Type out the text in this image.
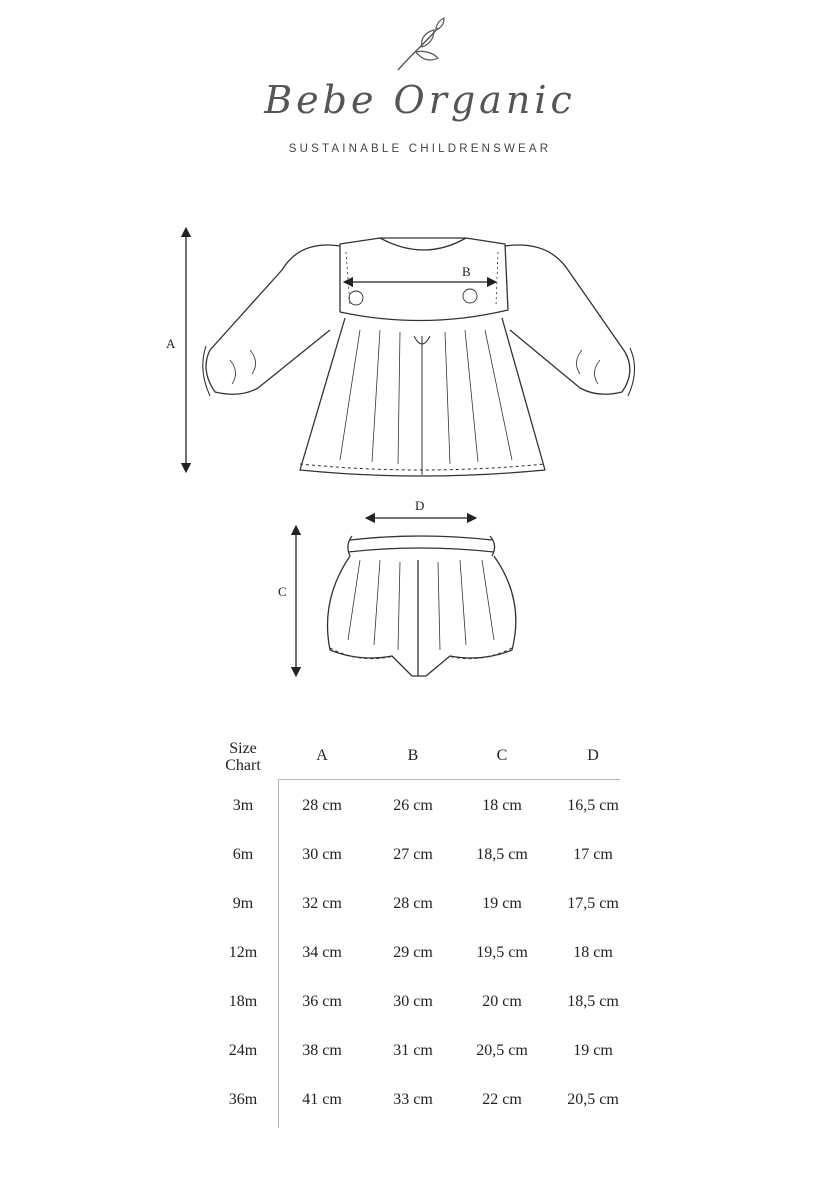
Bebe Organic
SUSTAINABLE CHILDRENSWEAR
A
B
D
C
Size
Chart
A	B	C	D
3m	28 cm	26 cm	18 cm	16,5 cm
6m	30 cm	27 cm	18,5 cm	17 cm
9m	32 cm	28 cm	19 cm	17,5 cm
12m	34 cm	29 cm	19,5 cm	18 cm
18m	36 cm	30 cm	20 cm	18,5 cm
24m	38 cm	31 cm	20,5 cm	19 cm
36m	41 cm	33 cm	22 cm	20,5 cm
